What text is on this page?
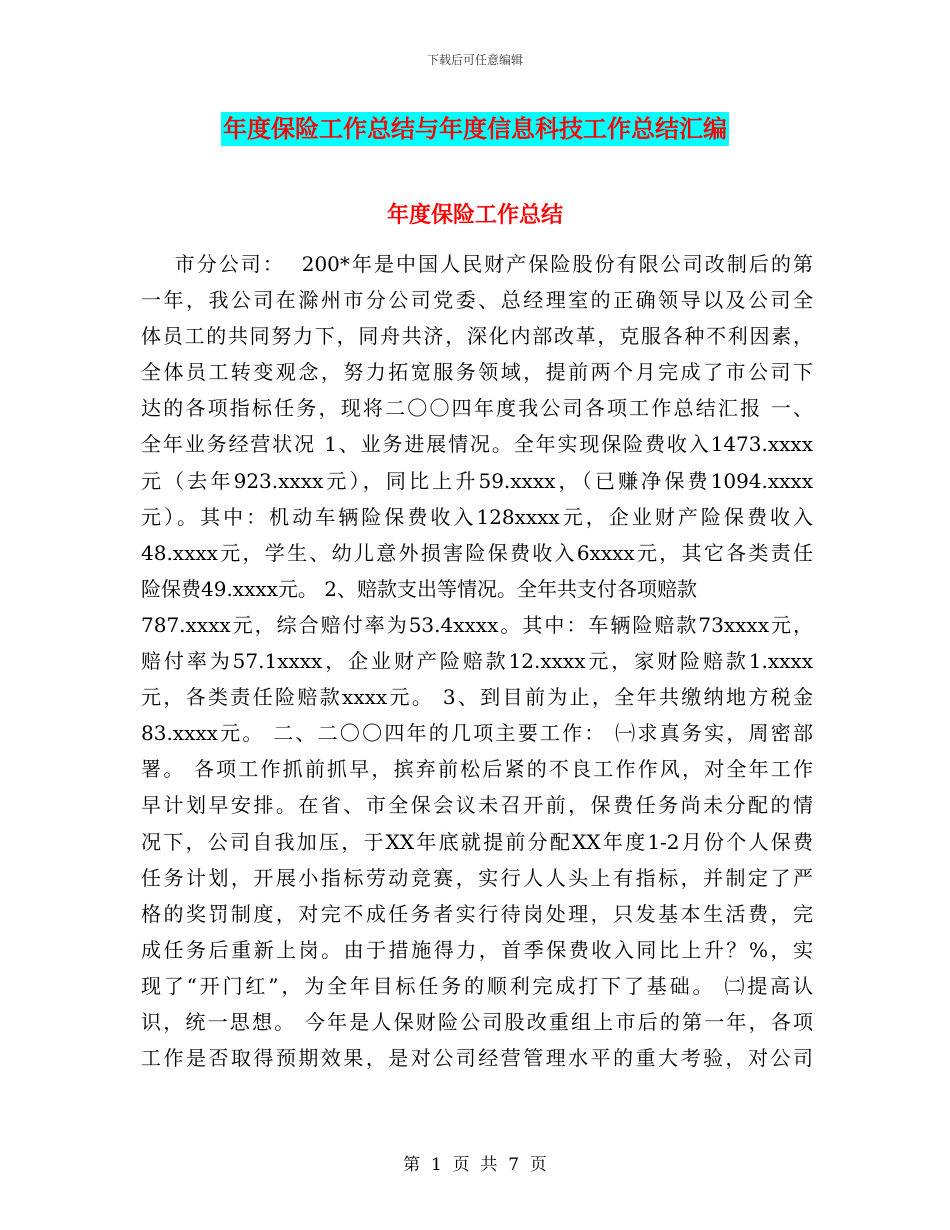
下载后可任意编辑
年度保险工作总结与年度信息科技工作总结汇编
年度保险工作总结
市分公司：  200*年是中国人民财产保险股份有限公司改制后的第
一年，我公司在滁州市分公司党委、总经理室的正确领导以及公司全
体员工的共同努力下，同舟共济，深化内部改革，克服各种不利因素，
全体员工转变观念，努力拓宽服务领域，提前两个月完成了市公司下
达的各项指标任务，现将二〇〇四年度我公司各项工作总结汇报 一、
全年业务经营状况 1、业务进展情况。全年实现保险费收入1473.xxxx
元（去年923.xxxx元），同比上升59.xxxx，（已赚净保费1094.xxxx
元）。其中：机动车辆险保费收入128xxxx元，企业财产险保费收入
48.xxxx元，学生、幼儿意外损害险保费收入6xxxx元，其它各类责任
险保费49.xxxx元。 2、赔款支出等情况。全年共支付各项赔款
787.xxxx元，综合赔付率为53.4xxxx。其中：车辆险赔款73xxxx元，
赔付率为57.1xxxx，企业财产险赔款12.xxxx元，家财险赔款1.xxxx
元，各类责任险赔款xxxx元。 3、到目前为止，全年共缴纳地方税金
83.xxxx元。 二、二〇〇四年的几项主要工作： ㈠求真务实，周密部
署。 各项工作抓前抓早，摈弃前松后紧的不良工作作风，对全年工作
早计划早安排。在省、市全保会议未召开前，保费任务尚未分配的情
况下，公司自我加压，于XX年底就提前分配XX年度1-2月份个人保费
任务计划，开展小指标劳动竞赛，实行人人头上有指标，并制定了严
格的奖罚制度，对完不成任务者实行待岗处理，只发基本生活费，完
成任务后重新上岗。由于措施得力，首季保费收入同比上升？%，实
现了“开门红”，为全年目标任务的顺利完成打下了基础。 ㈡提高认
识，统一思想。 今年是人保财险公司股改重组上市后的第一年，各项
工作是否取得预期效果，是对公司经营管理水平的重大考验，对公司
第  1  页  共  7  页
